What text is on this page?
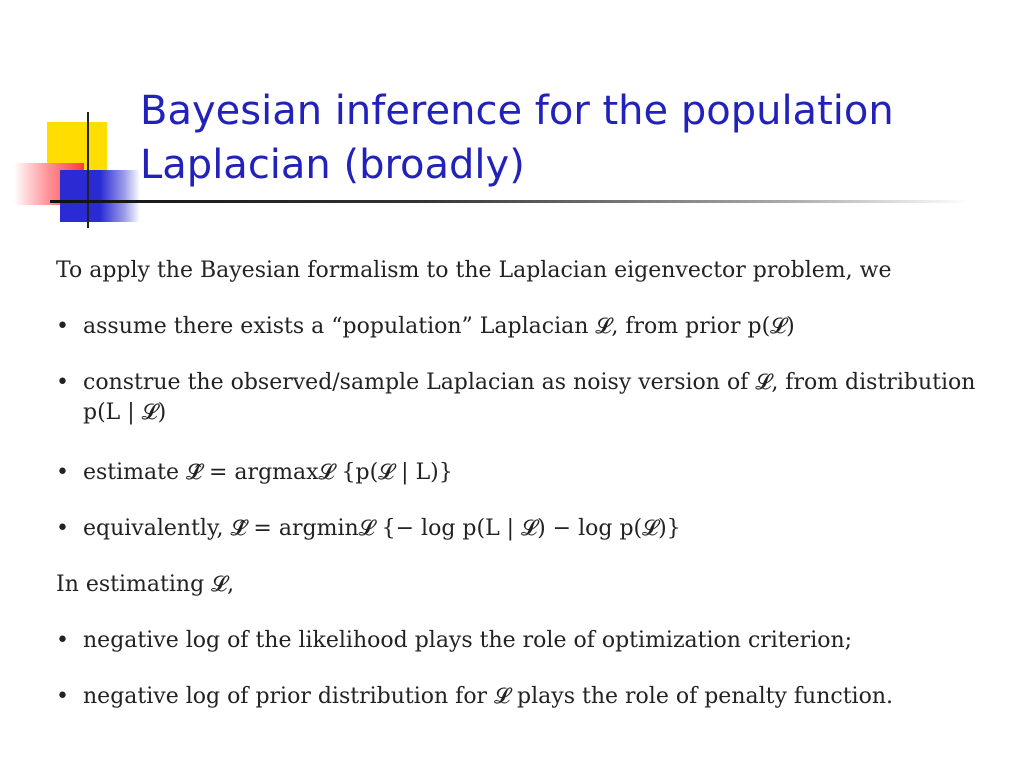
Bayesian inference for the population Laplacian (broadly)

To apply the Bayesian formalism to the Laplacian eigenvector problem, we

• assume there exists a “population” Laplacian 𝓛, from prior p(𝓛)
• construe the observed/sample Laplacian as noisy version of 𝓛, from distribution p(L | 𝓛)
• estimate 𝓛̂ = argmax𝓛 {p(𝓛 | L)}
• equivalently, 𝓛̂ = argmin𝓛 {− log p(L | 𝓛) − log p(𝓛)}

In estimating 𝓛,

• negative log of the likelihood plays the role of optimization criterion;
• negative log of prior distribution for 𝓛 plays the role of penalty function.
